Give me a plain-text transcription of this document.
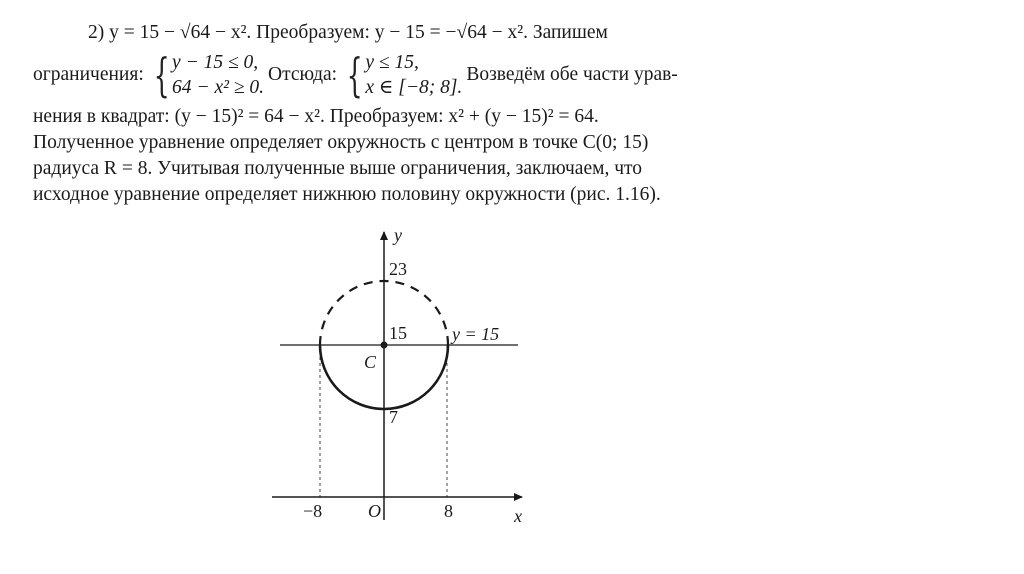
2) y = 15 − √64 − x². Преобразуем: y − 15 = −√64 − x². Запишем
ограничения: { y − 15 ≤ 0,
64 − x² ≥ 0.
Отсюда: { y ≤ 15,
x ∈ [−8; 8].
Возведём обе части урав-
нения в квадрат: (y − 15)² = 64 − x². Преобразуем: x² + (y − 15)² = 64.
Полученное уравнение определяет окружность с центром в точке C(0; 15)
радиуса R = 8. Учитывая полученные выше ограничения, заключаем, что
исходное уравнение определяет нижнюю половину окружности (рис. 1.16).
y
x
O
−8	8
23
15
7
y = 15
C
